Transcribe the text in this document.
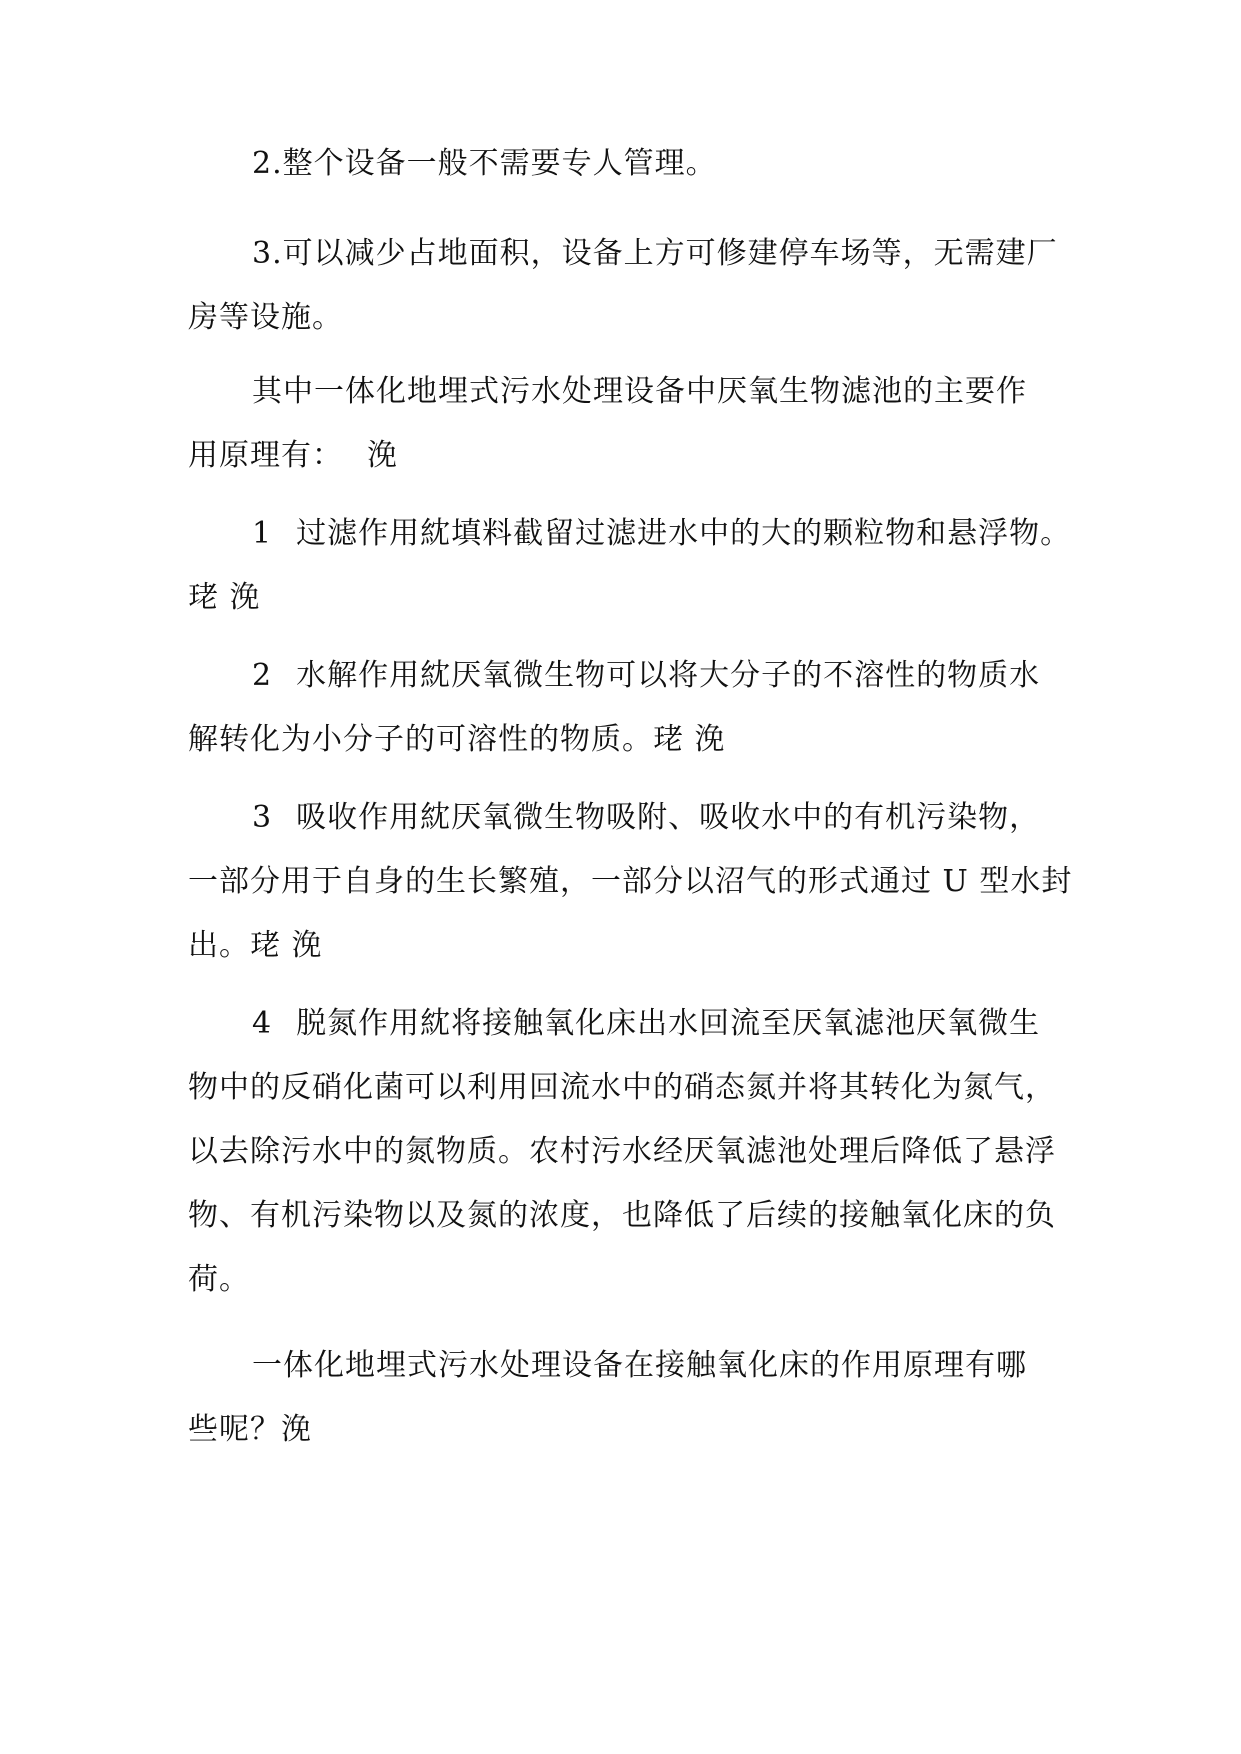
2.整个设备一般不需要专人管理。
3.可以减少占地面积，设备上方可修建停车场等，无需建厂
房等设施。
其中一体化地埋式污水处理设备中厌氧生物滤池的主要作
用原理有： 浼
1 过滤作用紞填料截留过滤进水中的大的颗粒物和悬浮物。
珯 浼
2 水解作用紞厌氧微生物可以将大分子的不溶性的物质水
解转化为小分子的可溶性的物质。珯 浼
3 吸收作用紞厌氧微生物吸附、吸收水中的有机污染物，
一部分用于自身的生长繁殖，一部分以沼气的形式通过 U 型水封
出。珯 浼
4 脱氮作用紞将接触氧化床出水回流至厌氧滤池厌氧微生
物中的反硝化菌可以利用回流水中的硝态氮并将其转化为氮气，
以去除污水中的氮物质。农村污水经厌氧滤池处理后降低了悬浮
物、有机污染物以及氮的浓度，也降低了后续的接触氧化床的负
荷。
一体化地埋式污水处理设备在接触氧化床的作用原理有哪
些呢？浼
